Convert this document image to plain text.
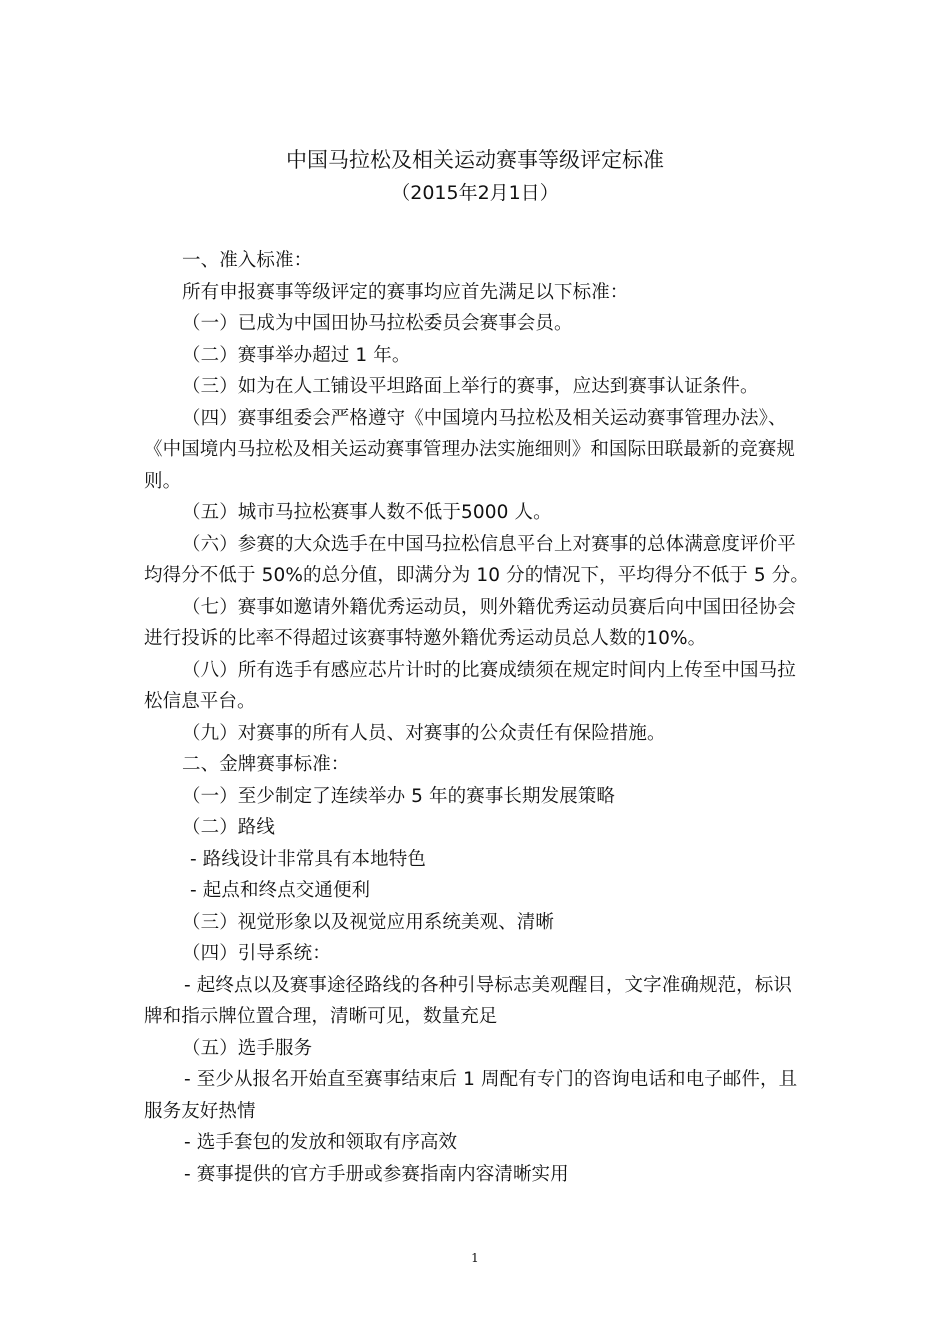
中国马拉松及相关运动赛事等级评定标准
（2015年2月1日）
一、准入标准：
所有申报赛事等级评定的赛事均应首先满足以下标准：
（一）已成为中国田协马拉松委员会赛事会员。
（二）赛事举办超过 1 年。
（三）如为在人工铺设平坦路面上举行的赛事，应达到赛事认证条件。
（四）赛事组委会严格遵守《中国境内马拉松及相关运动赛事管理办法》、
《中国境内马拉松及相关运动赛事管理办法实施细则》和国际田联最新的竞赛规
则。
（五）城市马拉松赛事人数不低于5000 人。
（六）参赛的大众选手在中国马拉松信息平台上对赛事的总体满意度评价平
均得分不低于 50%的总分值，即满分为 10 分的情况下，平均得分不低于 5 分。
（七）赛事如邀请外籍优秀运动员，则外籍优秀运动员赛后向中国田径协会
进行投诉的比率不得超过该赛事特邀外籍优秀运动员总人数的10%。
（八）所有选手有感应芯片计时的比赛成绩须在规定时间内上传至中国马拉
松信息平台。
（九）对赛事的所有人员、对赛事的公众责任有保险措施。
二、金牌赛事标准：
（一）至少制定了连续举办 5 年的赛事长期发展策略
（二）路线
- 路线设计非常具有本地特色
- 起点和终点交通便利
（三）视觉形象以及视觉应用系统美观、清晰
（四）引导系统：
- 起终点以及赛事途径路线的各种引导标志美观醒目，文字准确规范，标识
牌和指示牌位置合理，清晰可见，数量充足
（五）选手服务
- 至少从报名开始直至赛事结束后 1 周配有专门的咨询电话和电子邮件，且
服务友好热情
- 选手套包的发放和领取有序高效
- 赛事提供的官方手册或参赛指南内容清晰实用
1
